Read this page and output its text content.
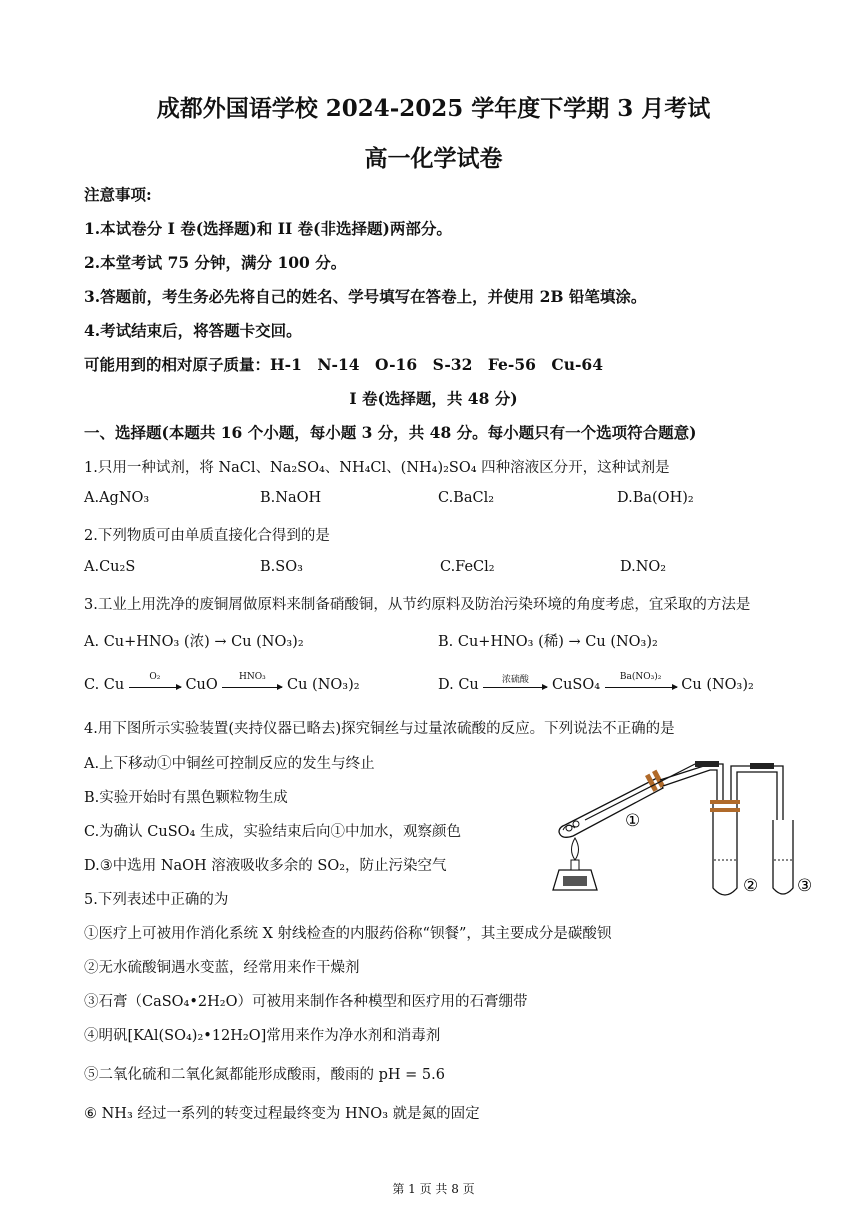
成都外国语学校 2024-2025 学年度下学期 3 月考试
高一化学试卷
注意事项:
1.本试卷分 I 卷(选择题)和 II 卷(非选择题)两部分。
2.本堂考试 75 分钟，满分 100 分。
3.答题前，考生务必先将自己的姓名、学号填写在答卷上，并使用 2B 铅笔填涂。
4.考试结束后，将答题卡交回。
可能用到的相对原子质量：H-1　N-14　O-16　S-32　Fe-56　Cu-64
I 卷(选择题，共 48 分)
一、选择题(本题共 16 个小题，每小题 3 分，共 48 分。每小题只有一个选项符合题意)
1.只用一种试剂，将 NaCl、Na₂SO₄、NH₄Cl、(NH₄)₂SO₄ 四种溶液区分开，这种试剂是
A.AgNO₃	B.NaOH	C.BaCl₂	D.Ba(OH)₂
2.下列物质可由单质直接化合得到的是
A.Cu₂S	B.SO₃	C.FeCl₂	D.NO₂
3.工业上用洗净的废铜屑做原料来制备硝酸铜，从节约原料及防治污染环境的角度考虑，宜采取的方法是
A. Cu+HNO₃ (浓) → Cu (NO₃)₂	B. Cu+HNO₃ (稀) → Cu (NO₃)₂
C. Cu
O₂
CuO
HNO₃
Cu (NO₃)₂	D. Cu	浓硫酸	CuSO₄
Ba(NO₃)₂
Cu (NO₃)₂
4.用下图所示实验装置(夹持仪器已略去)探究铜丝与过量浓硫酸的反应。下列说法不正确的是
A.上下移动①中铜丝可控制反应的发生与终止
B.实验开始时有黑色颗粒物生成
C.为确认 CuSO₄ 生成，实验结束后向①中加水，观察颜色
D.③中选用 NaOH 溶液吸收多余的 SO₂，防止污染空气
①
② ③
5.下列表述中正确的为
①医疗上可被用作消化系统 X 射线检查的内服药俗称“钡餐”，其主要成分是碳酸钡
②无水硫酸铜遇水变蓝，经常用来作干燥剂
③石膏（CaSO₄•2H₂O）可被用来制作各种模型和医疗用的石膏绷带
④明矾[KAl(SO₄)₂•12H₂O]常用来作为净水剂和消毒剂
⑤二氧化硫和二氧化氮都能形成酸雨，酸雨的 pH = 5.6
⑥ NH₃ 经过一系列的转变过程最终变为 HNO₃ 就是氮的固定
第 1 页 共 8 页
